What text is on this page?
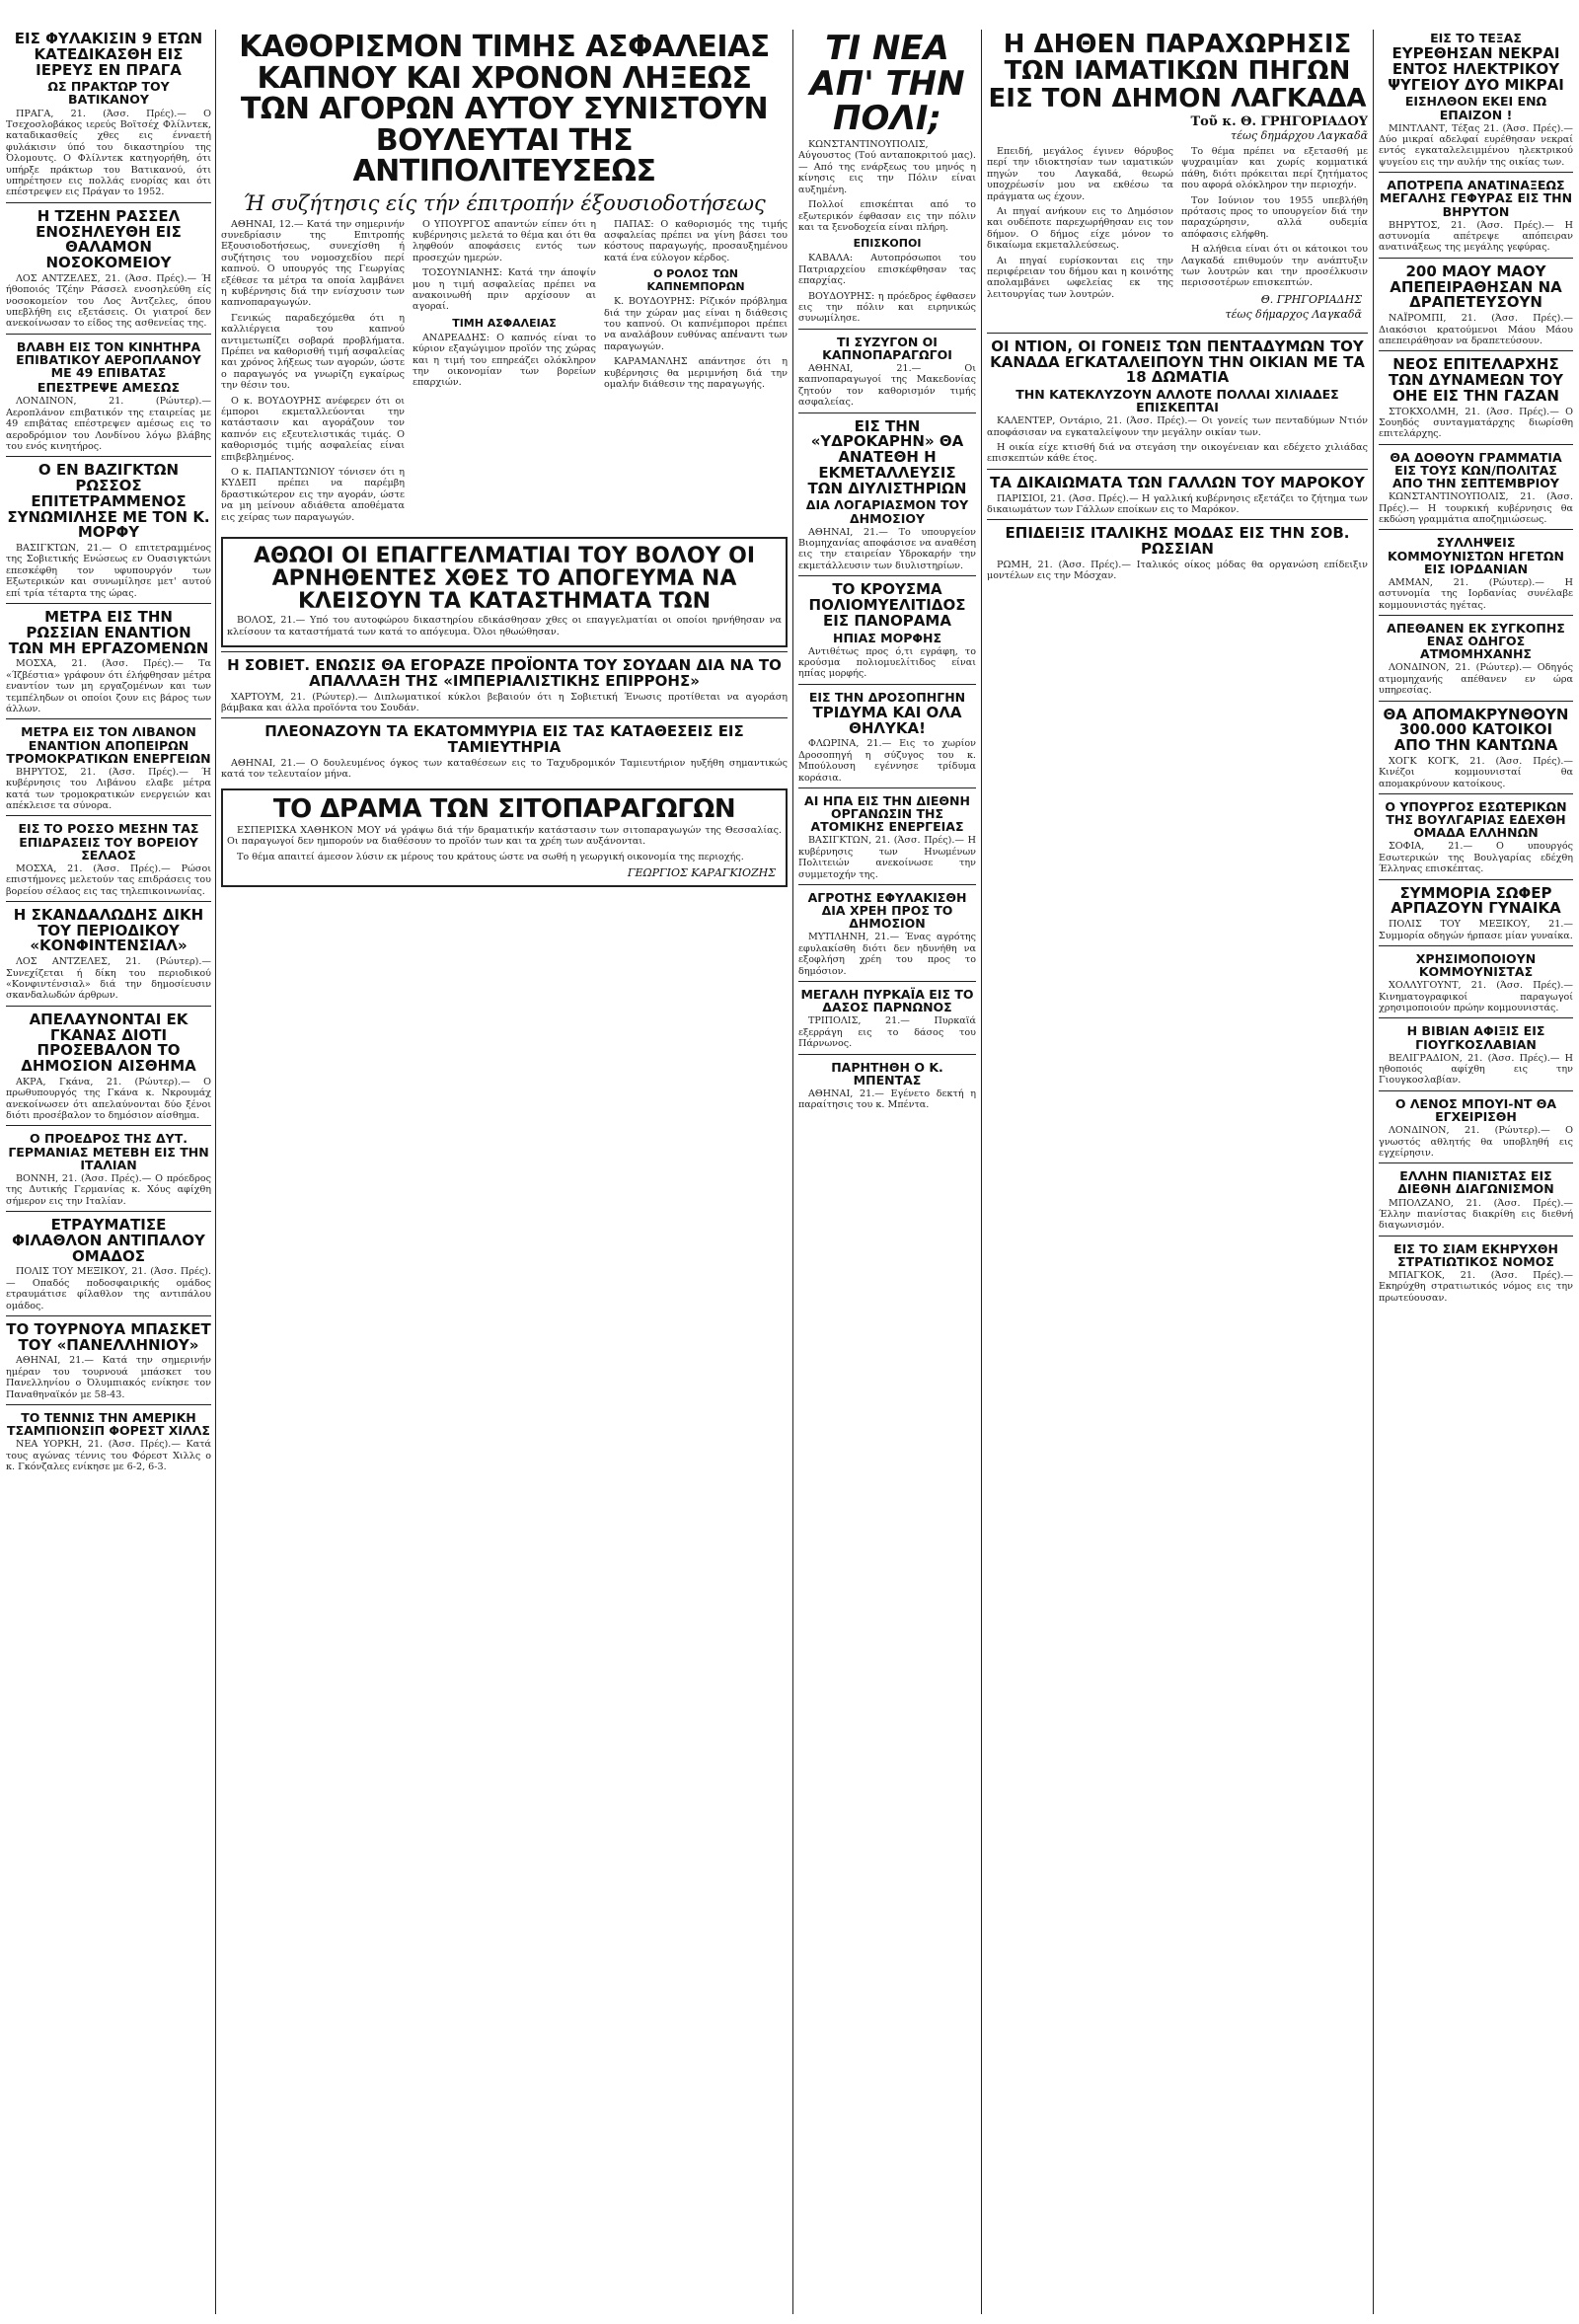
ΕΙΣ ΦΥΛΑΚΙΣΙΝ 9 ΕΤΩΝ ΚΑΤΕΔΙΚΑΣΘΗ ΕΙΣ ΙΕΡΕΥΣ ΕΝ ΠΡΑΓΑ
ΩΣ ΠΡΑΚΤΩΡ ΤΟΥ ΒΑΤΙΚΑΝΟΥ

ΠΡΑΓΑ, 21. (Άσσ. Πρές).— Ο Τσεχοσλοβάκος ιερεύς Βοϊτσέχ Φλίλντεκ, καταδικασθείς χθες εις ένναετή φυλάκισιν ύπό του δικαστηρίου της Όλομουτς. Ο Φλίλντεκ κατηγορήθη, ότι υπήρξε πράκτωρ του Βατικανού, ότι υπηρέτησεν εις πολλάς ενορίας και ότι επέστρεψεν εις Πράγαν το 1952.

Η ΤΖΕΗΝ ΡΑΣΣΕΛ ΕΝΟΣΗΛΕΥΘΗ ΕΙΣ ΘΑΛΑΜΟΝ ΝΟΣΟΚΟΜΕΙΟΥ

ΛΟΣ ΑΝΤΖΕΛΕΣ, 21. (Άσσ. Πρές).— Ή ήθοποιός Τζέην Ράσσελ ενοσηλεύθη είς νοσοκομείον του Λος Άντζελες, όπου υπεβλήθη εις εξετάσεις. Οι γιατροί δεν ανεκοίνωσαν το είδος της ασθενείας της.

ΒΛΑΒΗ ΕΙΣ ΤΟΝ ΚΙΝΗΤΗΡΑ ΕΠΙΒΑΤΙΚΟΥ ΑΕΡΟΠΛΑΝΟΥ ΜΕ 49 ΕΠΙΒΑΤΑΣ
ΕΠΕΣΤΡΕΨΕ ΑΜΕΣΩΣ

ΛΟΝΔΙΝΟΝ, 21. (Ρώυτερ).— Αεροπλάνον επιβατικόν της εταιρείας με 49 επιβάτας επέστρεψεν αμέσως εις το αεροδρόμιον του Λονδίνου λόγω βλάβης του ενός κινητήρος.

Ο ΕΝ ΒΑΖΙΓΚΤΩΝ ΡΩΣΣΟΣ ΕΠΙΤΕΤΡΑΜΜΕΝΟΣ ΣΥΝΩΜΙΛΗΣΕ ΜΕ ΤΟΝ Κ. ΜΟΡΦΥ

ΒΑΣΙΓΚΤΩΝ, 21.— Ο επιτετραμμένος της Σοβιετικής Ενώσεως εν Ουασιγκτώνι επεσκέφθη τον υφυπουργόν των Εξωτερικών και συνωμίλησε μετ' αυτού επί τρία τέταρτα της ώρας.

ΜΕΤΡΑ ΕΙΣ ΤΗΝ ΡΩΣΣΙΑΝ ΕΝΑΝΤΙΟΝ ΤΩΝ ΜΗ ΕΡΓΑΖΟΜΕΝΩΝ

ΜΟΣΧΑ, 21. (Άσσ. Πρές).— Τα «Ίζβέστια» γράφουν ότι έλήφθησαν μέτρα εναντίον των μη εργαζομένων και των τεμπέληδων οι οποίοι ζουν εις βάρος των άλλων.

ΜΕΤΡΑ ΕΙΣ ΤΟΝ ΛΙΒΑΝΟΝ ΕΝΑΝΤΙΟΝ ΑΠΟΠΕΙΡΩΝ ΤΡΟΜΟΚΡΑΤΙΚΩΝ ΕΝΕΡΓΕΙΩΝ

ΒΗΡΥΤΟΣ, 21. (Άσσ. Πρές).— Ή κυβέρνησις του Λιβάνου ελαβε μέτρα κατά των τρομοκρατικών ενεργειών και απέκλεισε τα σύνορα.

ΕΙΣ ΤΟ ΡΟΣΣΟ ΜΕΣΗΝ ΤΑΣ ΕΠΙΔΡΑΣΕΙΣ ΤΟΥ ΒΟΡΕΙΟΥ ΣΕΛΑΟΣ

ΜΟΣΧΑ, 21. (Άσσ. Πρές).— Ρώσοι επιστήμονες μελετούν τας επιδράσεις του βορείου σέλαος εις τας τηλεπικοινωνίας.

Η ΣΚΑΝΔΑΛΩΔΗΣ ΔΙΚΗ ΤΟΥ ΠΕΡΙΟΔΙΚΟΥ «ΚΟΝΦΙΝΤΕΝΣΙΑΛ»

ΛΟΣ ΑΝΤΖΕΛΕΣ, 21. (Ρώυτερ).— Συνεχίζεται ή δίκη του περιοδικού «Κονφιντένσιαλ» διά την δημοσίευσιν σκανδαλωδών άρθρων.

ΑΠΕΛΑΥΝΟΝΤΑΙ ΕΚ ΓΚΑΝΑΣ ΔΙΟΤΙ ΠΡΟΣΕΒΑΛΟΝ ΤΟ ΔΗΜΟΣΙΟΝ ΑΙΣΘΗΜΑ

ΑΚΡΑ, Γκάνα, 21. (Ρώυτερ).— Ο πρωθυπουργός της Γκάνα κ. Νκρουμάχ ανεκοίνωσεν ότι απελαύνονται δύο ξένοι διότι προσέβαλον το δημόσιον αίσθημα.

Ο ΠΡΟΕΔΡΟΣ ΤΗΣ ΔΥΤ. ΓΕΡΜΑΝΙΑΣ ΜΕΤΕΒΗ ΕΙΣ ΤΗΝ ΙΤΑΛΙΑΝ

ΒΟΝΝΗ, 21. (Άσσ. Πρές).— Ο πρόεδρος της Δυτικής Γερμανίας κ. Χόυς αφίχθη σήμερον εις την Ιταλίαν.

ΕΤΡΑΥΜΑΤΙΣΕ ΦΙΛΑΘΛΟΝ ΑΝΤΙΠΑΛΟΥ ΟΜΑΔΟΣ

ΠΟΛΙΣ ΤΟΥ ΜΕΞΙΚΟΥ, 21. (Άσσ. Πρές).— Οπαδός ποδοσφαιρικής ομάδος ετραυμάτισε φίλαθλον της αντιπάλου ομάδος.

ΤΟ ΤΟΥΡΝΟΥΑ ΜΠΑΣΚΕΤ ΤΟΥ «ΠΑΝΕΛΛΗΝΙΟΥ»

ΑΘΗΝΑΙ, 21.— Κατά την σημερινήν ημέραν του τουρνουά μπάσκετ του Πανελληνίου ο Όλυμπιακός ενίκησε τον Παναθηναϊκόν με 58-43.

ΤΟ ΤΕΝΝΙΣ ΤΗΝ ΑΜΕΡΙΚΗ ΤΣΑΜΠΙΟΝΣΙΠ ΦΟΡΕΣΤ ΧΙΛΛΣ

ΝΕΑ ΥΟΡΚΗ, 21. (Άσσ. Πρές).— Κατά τους αγώνας τέννις του Φόρεστ Χιλλς ο κ. Γκόνζαλες ενίκησε με 6-2, 6-3.

ΚΑΘΟΡΙΣΜΟΝ ΤΙΜΗΣ ΑΣΦΑΛΕΙΑΣ ΚΑΠΝΟΥ ΚΑΙ ΧΡΟΝΟΝ ΛΗΞΕΩΣ ΤΩΝ ΑΓΟΡΩΝ ΑΥΤΟΥ ΣΥΝΙΣΤΟΥΝ ΒΟΥΛΕΥΤΑΙ ΤΗΣ ΑΝΤΙΠΟΛΙΤΕΥΣΕΩΣ
Ή συζήτησις είς τήν έπιτροπήν έξουσιοδοτήσεως

ΑΘΗΝΑΙ, 12.— Κατά την σημερινήν συνεδρίασιν της Επιτροπής Εξουσιοδοτήσεως, συνεχίσθη ή συζήτησις του νομοσχεδίου περί καπνού. Ο υπουργός της Γεωργίας εξέθεσε τα μέτρα τα οποία λαμβάνει η κυβέρνησις διά την ενίσχυσιν των καπνοπαραγωγών.

Γενικώς παραδεχόμεθα ότι η καλλιέργεια του καπνού αντιμετωπίζει σοβαρά προβλήματα. Πρέπει να καθορισθή τιμή ασφαλείας και χρόνος λήξεως των αγορών, ώστε ο παραγωγός να γνωρίζη εγκαίρως την θέσιν του.

Ο κ. ΒΟΥΔΟΥΡΗΣ ανέφερεν ότι οι έμποροι εκμεταλλεύονται την κατάστασιν και αγοράζουν τον καπνόν εις εξευτελιστικάς τιμάς. Ο καθορισμός τιμής ασφαλείας είναι επιβεβλημένος.

Ο κ. ΠΑΠΑΝΤΩΝΙΟΥ τόνισεν ότι η ΚΥΔΕΠ πρέπει να παρέμβη δραστικώτερον εις την αγοράν, ώστε να μη μείνουν αδιάθετα αποθέματα εις χείρας των παραγωγών.

Ο ΥΠΟΥΡΓΟΣ απαντών είπεν ότι η κυβέρνησις μελετά το θέμα και ότι θα ληφθούν αποφάσεις εντός των προσεχών ημερών.

ΤΟΣΟΥΝΙΑΝΗΣ: Κατά την άποψίν μου η τιμή ασφαλείας πρέπει να ανακοινωθή πριν αρχίσουν αι αγοραί.

ΤΙΜΗ ΑΣΦΑΛΕΙΑΣ

ΑΝΔΡΕΑΔΗΣ: Ο καπνός είναι το κύριον εξαγώγιμον προϊόν της χώρας και η τιμή του επηρεάζει ολόκληρον την οικονομίαν των βορείων επαρχιών.

ΠΑΠΑΣ: Ο καθορισμός της τιμής ασφαλείας πρέπει να γίνη βάσει του κόστους παραγωγής, προσαυξημένου κατά ένα εύλογον κέρδος.

Ο ΡΟΛΟΣ ΤΩΝ ΚΑΠΝΕΜΠΟΡΩΝ

Κ. ΒΟΥΔΟΥΡΗΣ: Ρίζικόν πρόβλημα διά την χώραν μας είναι η διάθεσις του καπνού. Οι καπνέμποροι πρέπει να αναλάβουν ευθύνας απέναντι των παραγωγών.

ΚΑΡΑΜΑΝΛΗΣ απάντησε ότι η κυβέρνησις θα μεριμνήση διά την ομαλήν διάθεσιν της παραγωγής.

ΑΘΩΟΙ ΟΙ ΕΠΑΓΓΕΛΜΑΤΙΑΙ ΤΟΥ ΒΟΛΟΥ ΟΙ ΑΡΝΗΘΕΝΤΕΣ ΧΘΕΣ ΤΟ ΑΠΟΓΕΥΜΑ ΝΑ ΚΛΕΙΣΟΥΝ ΤΑ ΚΑΤΑΣΤΗΜΑΤΑ ΤΩΝ

ΒΟΛΟΣ, 21.— Υπό του αυτοφώρου δικαστηρίου εδικάσθησαν χθες οι επαγγελματίαι οι οποίοι ηρνήθησαν να κλείσουν τα καταστήματά των κατά το απόγευμα. Όλοι ηθωώθησαν.

Η ΣΟΒΙΕΤ. ΕΝΩΣΙΣ ΘΑ ΕΓΟΡΑΖΕ ΠΡΟΪΟΝΤΑ ΤΟΥ ΣΟΥΔΑΝ ΔΙΑ ΝΑ ΤΟ ΑΠΑΛΛΑΞΗ ΤΗΣ «ΙΜΠΕΡΙΑΛΙΣΤΙΚΗΣ ΕΠΙΡΡΟΗΣ»

ΧΑΡΤΟΥΜ, 21. (Ρώυτερ).— Διπλωματικοί κύκλοι βεβαιούν ότι η Σοβιετική Ένωσις προτίθεται να αγοράση βάμβακα και άλλα προϊόντα του Σουδάν.

ΠΛΕΟΝΑΖΟΥΝ ΤΑ ΕΚΑΤΟΜΜΥΡΙΑ ΕΙΣ ΤΑΣ ΚΑΤΑΘΕΣΕΙΣ ΕΙΣ ΤΑΜΙΕΥΤΗΡΙΑ

ΑΘΗΝΑΙ, 21.— Ο δουλευμένος όγκος των καταθέσεων εις το Ταχυδρομικόν Ταμιευτήριον ηυξήθη σημαντικώς κατά τον τελευταίον μήνα.

ΤΟ ΔΡΑΜΑ ΤΩΝ ΣΙΤΟΠΑΡΑΓΩΓΩΝ

ΕΣΠΕΡΙΣΚΑ ΧΑΘΗΚΟΝ ΜΟΥ νά γράψω διά τήν δραματικήν κατάστασιν των σιτοπαραγωγών της Θεσσαλίας. Οι παραγωγοί δεν ημπορούν να διαθέσουν το προϊόν των και τα χρέη των αυξάνονται.

Το θέμα απαιτεί άμεσον λύσιν εκ μέρους του κράτους ώστε να σωθή η γεωργική οικονομία της περιοχής.

ΓΕΩΡΓΙΟΣ ΚΑΡΑΓΚΙΟΖΗΣ
ΤΙ ΝΕΑ ΑΠ' ΤΗΝ ΠΟΛΙ;

ΚΩΝΣΤΑΝΤΙΝΟΥΠΟΛΙΣ, Αύγουστος (Τού ανταποκριτού μας).— Από της ενάρξεως του μηνός η κίνησις εις την Πόλιν είναι αυξημένη.

Πολλοί επισκέπται από το εξωτερικόν έφθασαν εις την πόλιν και τα ξενοδοχεία είναι πλήρη.

ΕΠΙΣΚΟΠΟΙ

ΚΑΒΑΛΑ: Αυτοπρόσωποι του Πατριαρχείου επισκέφθησαν τας επαρχίας.

ΒΟΥΔΟΥΡΗΣ: η πρόεδρος έφθασεν εις την πόλιν και ειρηνικώς συνωμίλησε.

ΤΙ ΣΥΖΥΓΟΝ ΟΙ ΚΑΠΝΟΠΑΡΑΓΩΓΟΙ

ΑΘΗΝΑΙ, 21.— Οι καπνοπαραγωγοί της Μακεδονίας ζητούν τον καθορισμόν τιμής ασφαλείας.

ΕΙΣ ΤΗΝ «ΥΔΡΟΚΑΡΗΝ» ΘΑ ΑΝΑΤΕΘΗ Η ΕΚΜΕΤΑΛΛΕΥΣΙΣ ΤΩΝ ΔΙΥΛΙΣΤΗΡΙΩΝ
ΔΙΑ ΛΟΓΑΡΙΑΣΜΟΝ ΤΟΥ ΔΗΜΟΣΙΟΥ

ΑΘΗΝΑΙ, 21.— Το υπουργείον Βιομηχανίας αποφάσισε να αναθέση εις την εταιρείαν Υδροκαρήν την εκμετάλλευσιν των διυλιστηρίων.

ΤΟ ΚΡΟΥΣΜΑ ΠΟΛΙΟΜΥΕΛΙΤΙΔΟΣ ΕΙΣ ΠΑΝΟΡΑΜΑ
ΗΠΙΑΣ ΜΟΡΦΗΣ

Αντιθέτως προς ό,τι εγράφη, το κρούσμα πολιομυελίτιδος είναι ηπίας μορφής.

ΕΙΣ ΤΗΝ ΔΡΟΣΟΠΗΓΗΝ
ΤΡΙΔΥΜΑ ΚΑΙ ΟΛΑ ΘΗΛΥΚΑ!

ΦΛΩΡΙΝΑ, 21.— Εις το χωρίον Δροσοπηγή η σύζυγος του κ. Μπούλουση εγέννησε τρίδυμα κοράσια.

ΑΙ ΗΠΑ ΕΙΣ ΤΗΝ ΔΙΕΘΝΗ ΟΡΓΑΝΩΣΙΝ ΤΗΣ ΑΤΟΜΙΚΗΣ ΕΝΕΡΓΕΙΑΣ

ΒΑΣΙΓΚΤΩΝ, 21. (Άσσ. Πρές).— Η κυβέρνησις των Ηνωμένων Πολιτειών ανεκοίνωσε την συμμετοχήν της.

ΑΓΡΟΤΗΣ ΕΦΥΛΑΚΙΣΘΗ ΔΙΑ ΧΡΕΗ ΠΡΟΣ ΤΟ ΔΗΜΟΣΙΟΝ

ΜΥΤΙΛΗΝΗ, 21.— Ένας αγρότης εφυλακίσθη διότι δεν ηδυνήθη να εξοφλήση χρέη του προς το δημόσιον.

ΜΕΓΑΛΗ ΠΥΡΚΑΪΑ ΕΙΣ ΤΟ ΔΑΣΟΣ ΠΑΡΝΩΝΟΣ

ΤΡΙΠΟΛΙΣ, 21.— Πυρκαϊά εξερράγη εις το δάσος του Πάρνωνος.

ΠΑΡΗΤΗΘΗ Ο Κ. ΜΠΕΝΤΑΣ

ΑΘΗΝΑΙ, 21.— Εγένετο δεκτή η παραίτησις του κ. Μπέντα.

Η ΔΗΘΕΝ ΠΑΡΑΧΩΡΗΣΙΣ ΤΩΝ ΙΑΜΑΤΙΚΩΝ ΠΗΓΩΝ ΕΙΣ ΤΟΝ ΔΗΜΟΝ ΛΑΓΚΑΔΑ
Τοῦ κ. Θ. ΓΡΗΓΟΡΙΑΔΟΥ
τέως δημάρχου Λαγκαδᾶ

Επειδή, μεγάλος έγινεν θόρυβος περί την ιδιοκτησίαν των ιαματικών πηγών του Λαγκαδά, θεωρώ υποχρέωσίν μου να εκθέσω τα πράγματα ως έχουν.

Αι πηγαί ανήκουν εις το Δημόσιον και ουδέποτε παρεχωρήθησαν εις τον δήμον. Ο δήμος είχε μόνον το δικαίωμα εκμεταλλεύσεως.

Αι πηγαί ευρίσκονται εις την περιφέρειαν του δήμου και η κοινότης απολαμβάνει ωφελείας εκ της λειτουργίας των λουτρών.

Το θέμα πρέπει να εξετασθή με ψυχραιμίαν και χωρίς κομματικά πάθη, διότι πρόκειται περί ζητήματος που αφορά ολόκληρον την περιοχήν.

Τον Ιούνιον του 1955 υπεβλήθη πρότασις προς το υπουργείον διά την παραχώρησιν, αλλά ουδεμία απόφασις ελήφθη.

Η αλήθεια είναι ότι οι κάτοικοι του Λαγκαδά επιθυμούν την ανάπτυξιν των λουτρών και την προσέλκυσιν περισσοτέρων επισκεπτών.

Θ. ΓΡΗΓΟΡΙΑΔΗΣ
τέως δήμαρχος Λαγκαδᾶ
ΟΙ ΝΤΙΟΝ, ΟΙ ΓΟΝΕΙΣ ΤΩΝ ΠΕΝΤΑΔΥΜΩΝ ΤΟΥ ΚΑΝΑΔΑ ΕΓΚΑΤΑΛΕΙΠΟΥΝ ΤΗΝ ΟΙΚΙΑΝ ΜΕ ΤΑ 18 ΔΩΜΑΤΙΑ
ΤΗΝ ΚΑΤΕΚΛΥΖΟΥΝ ΑΛΛΟΤΕ ΠΟΛΛΑΙ ΧΙΛΙΑΔΕΣ ΕΠΙΣΚΕΠΤΑΙ

ΚΑΛΕΝΤΕΡ, Οντάριο, 21. (Άσσ. Πρές).— Οι γονείς των πενταδύμων Ντιόν αποφάσισαν να εγκαταλείψουν την μεγάλην οικίαν των.

Η οικία είχε κτισθή διά να στεγάση την οικογένειαν και εδέχετο χιλιάδας επισκεπτών κάθε έτος.

ΤΑ ΔΙΚΑΙΩΜΑΤΑ ΤΩΝ ΓΑΛΛΩΝ ΤΟΥ ΜΑΡΟΚΟΥ

ΠΑΡΙΣΙΟΙ, 21. (Άσσ. Πρές).— Η γαλλική κυβέρνησις εξετάζει το ζήτημα των δικαιωμάτων των Γάλλων εποίκων εις το Μαρόκον.

ΕΠΙΔΕΙΞΙΣ ΙΤΑΛΙΚΗΣ ΜΟΔΑΣ ΕΙΣ ΤΗΝ ΣΟΒ. ΡΩΣΣΙΑΝ

ΡΩΜΗ, 21. (Άσσ. Πρές).— Ιταλικός οίκος μόδας θα οργανώση επίδειξιν μοντέλων εις την Μόσχαν.

ΕΙΣ ΤΟ ΤΕΞΑΣ
ΕΥΡΕΘΗΣΑΝ ΝΕΚΡΑΙ ΕΝΤΟΣ ΗΛΕΚΤΡΙΚΟΥ ΨΥΓΕΙΟΥ ΔΥΟ ΜΙΚΡΑΙ
ΕΙΣΗΛΘΟΝ ΕΚΕΙ ΕΝΩ ΕΠΑΙΖΟΝ !

ΜΙΝΤΛΑΝΤ, Τέξας 21. (Άσσ. Πρές).— Δύο μικραί αδελφαί ευρέθησαν νεκραί εντός εγκαταλελειμμένου ηλεκτρικού ψυγείου εις την αυλήν της οικίας των.

ΑΠΟΤΡΕΠΑ ΑΝΑΤΙΝΑΞΕΩΣ ΜΕΓΑΛΗΣ ΓΕΦΥΡΑΣ ΕΙΣ ΤΗΝ ΒΗΡΥΤΟΝ

ΒΗΡΥΤΟΣ, 21. (Άσσ. Πρές).— Η αστυνομία απέτρεψε απόπειραν ανατινάξεως της μεγάλης γεφύρας.

200 ΜΑΟΥ ΜΑΟΥ ΑΠΕΠΕΙΡΑΘΗΣΑΝ ΝΑ ΔΡΑΠΕΤΕΥΣΟΥΝ

ΝΑΪΡΟΜΠΙ, 21. (Άσσ. Πρές).— Διακόσιοι κρατούμενοι Μάου Μάου απεπειράθησαν να δραπετεύσουν.

ΝΕΟΣ ΕΠΙΤΕΛΑΡΧΗΣ ΤΩΝ ΔΥΝΑΜΕΩΝ ΤΟΥ ΟΗΕ ΕΙΣ ΤΗΝ ΓΑΖΑΝ

ΣΤΟΚΧΟΛΜΗ, 21. (Άσσ. Πρές).— Ο Σουηδός συνταγματάρχης διωρίσθη επιτελάρχης.

ΘΑ ΔΟΘΟΥΝ ΓΡΑΜΜΑΤΙΑ ΕΙΣ ΤΟΥΣ ΚΩΝ/ΠΟΛΙΤΑΣ ΑΠΟ ΤΗΝ ΣΕΠΤΕΜΒΡΙΟΥ

ΚΩΝΣΤΑΝΤΙΝΟΥΠΟΛΙΣ, 21. (Άσσ. Πρές).— Η τουρκική κυβέρνησις θα εκδώση γραμμάτια αποζημιώσεως.

ΣΥΛΛΗΨΕΙΣ ΚΟΜΜΟΥΝΙΣΤΩΝ ΗΓΕΤΩΝ ΕΙΣ ΙΟΡΔΑΝΙΑΝ

ΑΜΜΑΝ, 21. (Ρώυτερ).— Η αστυνομία της Ιορδανίας συνέλαβε κομμουνιστάς ηγέτας.

ΑΠΕΘΑΝΕΝ ΕΚ ΣΥΓΚΟΠΗΣ ΕΝΑΣ ΟΔΗΓΟΣ ΑΤΜΟΜΗΧΑΝΗΣ

ΛΟΝΔΙΝΟΝ, 21. (Ρώυτερ).— Οδηγός ατμομηχανής απέθανεν εν ώρα υπηρεσίας.

ΘΑ ΑΠΟΜΑΚΡΥΝΘΟΥΝ 300.000 ΚΑΤΟΙΚΟΙ ΑΠΟ ΤΗΝ ΚΑΝΤΩΝΑ

ΧΟΓΚ ΚΟΓΚ, 21. (Άσσ. Πρές).— Κινέζοι κομμουνισταί θα απομακρύνουν κατοίκους.

Ο ΥΠΟΥΡΓΟΣ ΕΣΩΤΕΡΙΚΩΝ ΤΗΣ ΒΟΥΛΓΑΡΙΑΣ ΕΔΕΧΘΗ ΟΜΑΔΑ ΕΛΛΗΝΩΝ

ΣΟΦΙΑ, 21.— Ο υπουργός Εσωτερικών της Βουλγαρίας εδέχθη Έλληνας επισκέπτας.

ΣΥΜΜΟΡΙΑ ΣΩΦΕΡ ΑΡΠΑΖΟΥΝ ΓΥΝΑΙΚΑ

ΠΟΛΙΣ ΤΟΥ ΜΕΞΙΚΟΥ, 21.— Συμμορία οδηγών ήρπασε μίαν γυναίκα.

ΧΡΗΣΙΜΟΠΟΙΟΥΝ ΚΟΜΜΟΥΝΙΣΤΑΣ

ΧΟΛΛΥΓΟΥΝΤ, 21. (Άσσ. Πρές).— Κινηματογραφικοί παραγωγοί χρησιμοποιούν πρώην κομμουνιστάς.

Η ΒΙΒΙΑΝ ΑΦΙΞΙΣ ΕΙΣ ΓΙΟΥΓΚΟΣΛΑΒΙΑΝ

ΒΕΛΙΓΡΑΔΙΟΝ, 21. (Άσσ. Πρές).— Η ηθοποιός αφίχθη εις την Γιουγκοσλαβίαν.

Ο ΛΕΝΟΣ ΜΠΟΥΙ-ΝΤ ΘΑ ΕΓΧΕΙΡΙΣΘΗ

ΛΟΝΔΙΝΟΝ, 21. (Ρώυτερ).— Ο γνωστός αθλητής θα υποβληθή εις εγχείρησιν.

ΕΛΛΗΝ ΠΙΑΝΙΣΤΑΣ ΕΙΣ ΔΙΕΘΝΗ ΔΙΑΓΩΝΙΣΜΟΝ

ΜΠΟΛΖΑΝΟ, 21. (Άσσ. Πρές).— Έλλην πιανίστας διακρίθη εις διεθνή διαγωνισμόν.

ΕΙΣ ΤΟ ΣΙΑΜ ΕΚΗΡΥΧΘΗ ΣΤΡΑΤΙΩΤΙΚΟΣ ΝΟΜΟΣ

ΜΠΑΓΚΟΚ, 21. (Άσσ. Πρές).— Εκηρύχθη στρατιωτικός νόμος εις την πρωτεύουσαν.
